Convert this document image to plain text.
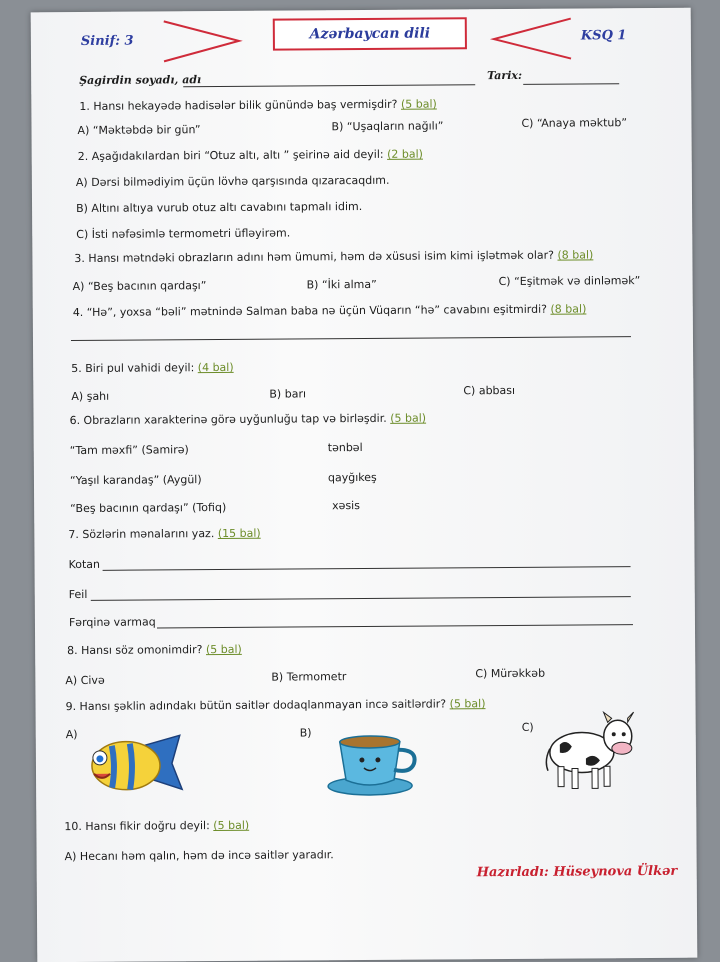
Sinif: 3	Azərbaycan dili	KSQ 1
Şagirdin soyadı, adı	Tarix:
1. Hansı hekayədə hadisələr bilik günündə baş vermişdir? (5 bal)
A) “Məktəbdə bir gün”	B) “Uşaqların nağılı”	C) “Anaya məktub”
2. Aşağıdakılardan biri “Otuz altı, altı ” şeirinə aid deyil: (2 bal)
A) Dərsi bilmədiyim üçün lövhə qarşısında qızaracaqdım.
B) Altını altıya vurub otuz altı cavabını tapmalı idim.
C) İsti nəfəsimlə termometri üfləyirəm.
3. Hansı mətndəki obrazların adını həm ümumi, həm də xüsusi isim kimi işlətmək olar? (8 bal)
A) “Beş bacının qardaşı”	B) “İki alma”	C) “Eşitmək və dinləmək”
4. “Hə”, yoxsa “bəli” mətnində Salman baba nə üçün Vüqarın “hə” cavabını eşitmirdi? (8 bal)
5. Biri pul vahidi deyil: (4 bal)
A) şahı	B) barı	C) abbası
6. Obrazların xarakterinə görə uyğunluğu tap və birləşdir. (5 bal)
“Tam məxfi” (Samirə)	tənbəl
“Yaşıl karandaş” (Aygül)	qayğıkeş
“Beş bacının qardaşı” (Tofiq)	xəsis
7. Sözlərin mənalarını yaz. (15 bal)
Kotan
Feil
Fərqinə varmaq
8. Hansı söz omonimdir? (5 bal)
A) Civə	B) Termometr	C) Mürəkkəb
9. Hansı şəklin adındakı bütün saitlər dodaqlanmayan incə saitlərdir? (5 bal)
A)	B)	C)
10. Hansı fikir doğru deyil: (5 bal)
A) Hecanı həm qalın, həm də incə saitlər yaradır.
Hazırladı: Hüseynova Ülkər
